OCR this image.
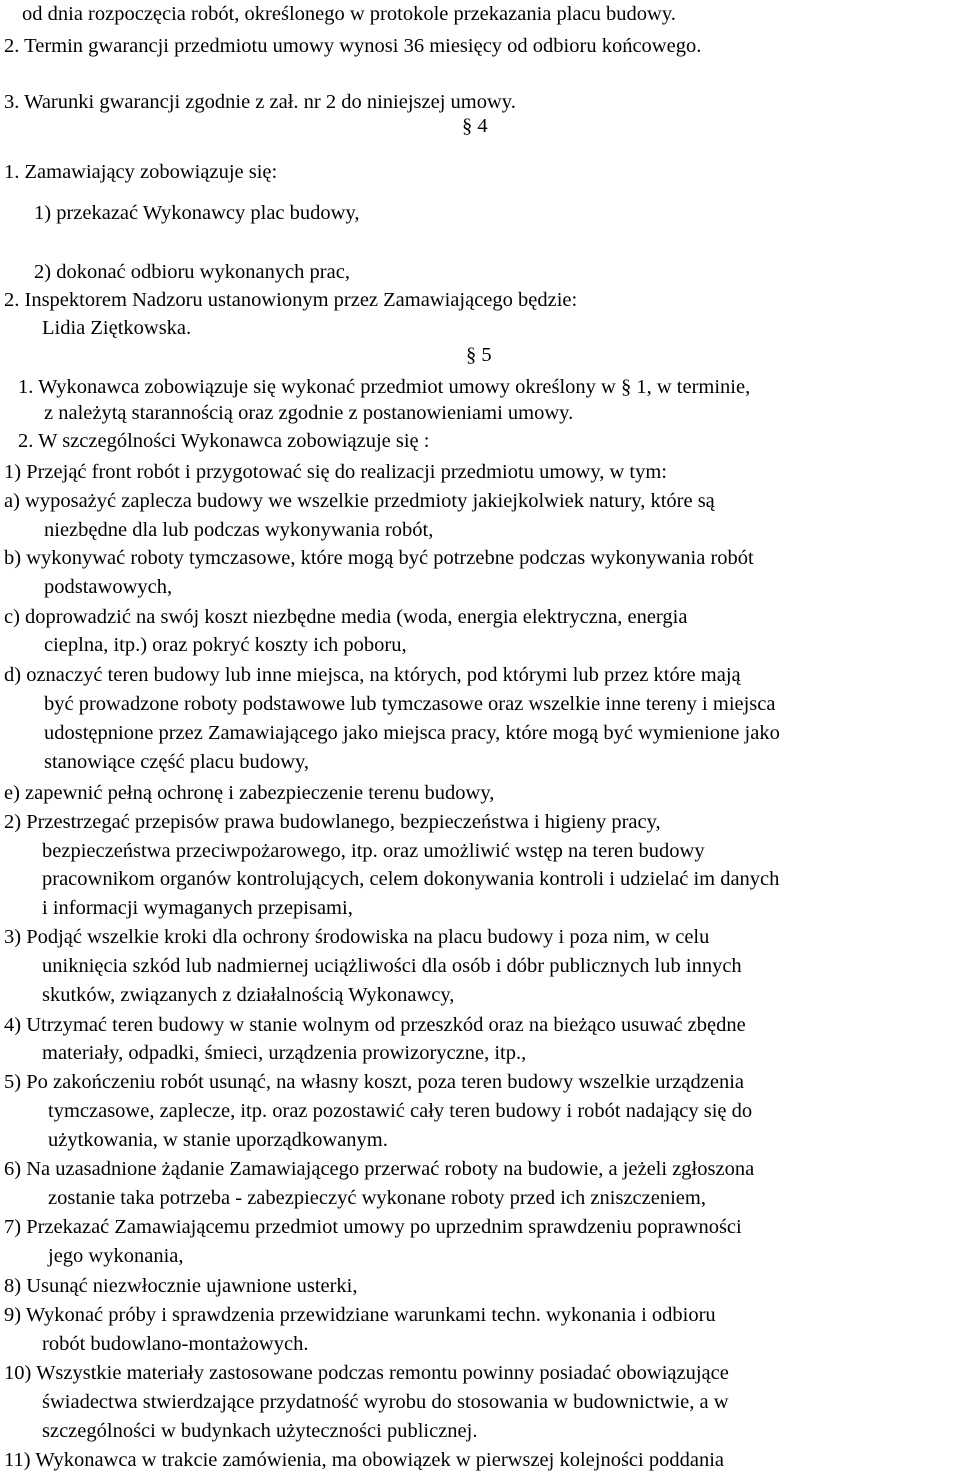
od dnia rozpoczęcia robót, określonego w protokole przekazania placu budowy.
2. Termin gwarancji przedmiotu umowy wynosi 36 miesięcy od odbioru końcowego.
3. Warunki gwarancji zgodnie z zał. nr 2 do niniejszej umowy.
§ 4
1. Zamawiający zobowiązuje się:
1) przekazać Wykonawcy plac budowy,
2) dokonać odbioru wykonanych prac,
2. Inspektorem Nadzoru ustanowionym przez Zamawiającego będzie:
Lidia Ziętkowska.
§ 5
1. Wykonawca zobowiązuje się wykonać przedmiot umowy określony w § 1, w terminie,
z należytą starannością oraz zgodnie z postanowieniami umowy.
2. W szczególności Wykonawca zobowiązuje się :
1) Przejąć front robót i przygotować się do realizacji przedmiotu umowy, w tym:
a) wyposażyć zaplecza budowy we wszelkie przedmioty jakiejkolwiek natury, które są
niezbędne dla lub podczas wykonywania robót,
b) wykonywać roboty tymczasowe, które mogą być potrzebne podczas wykonywania robót
podstawowych,
c) doprowadzić na swój koszt niezbędne media (woda, energia elektryczna, energia
cieplna, itp.) oraz pokryć koszty ich poboru,
d) oznaczyć teren budowy lub inne miejsca, na których, pod którymi lub przez które mają
być prowadzone roboty podstawowe lub tymczasowe oraz wszelkie inne tereny i miejsca
udostępnione przez Zamawiającego jako miejsca pracy, które mogą być wymienione jako
stanowiące część placu budowy,
e) zapewnić pełną ochronę i zabezpieczenie terenu budowy,
2) Przestrzegać przepisów prawa budowlanego, bezpieczeństwa i higieny pracy,
bezpieczeństwa przeciwpożarowego, itp. oraz umożliwić wstęp na teren budowy
pracownikom organów kontrolujących, celem dokonywania kontroli i udzielać im danych
i informacji wymaganych przepisami,
3) Podjąć wszelkie kroki dla ochrony środowiska na placu budowy i poza nim, w celu
uniknięcia szkód lub nadmiernej uciążliwości dla osób i dóbr publicznych lub innych
skutków, związanych z działalnością Wykonawcy,
4) Utrzymać teren budowy w stanie wolnym od przeszkód oraz na bieżąco usuwać zbędne
materiały, odpadki, śmieci, urządzenia prowizoryczne, itp.,
5) Po zakończeniu robót usunąć, na własny koszt, poza teren budowy wszelkie urządzenia
tymczasowe, zaplecze, itp. oraz pozostawić cały teren budowy i robót nadający się do
użytkowania, w stanie uporządkowanym.
6) Na uzasadnione żądanie Zamawiającego przerwać roboty na budowie, a jeżeli zgłoszona
zostanie taka potrzeba - zabezpieczyć wykonane roboty przed ich zniszczeniem,
7) Przekazać Zamawiającemu przedmiot umowy po uprzednim sprawdzeniu poprawności
jego wykonania,
8) Usunąć niezwłocznie ujawnione usterki,
9) Wykonać próby i sprawdzenia przewidziane warunkami techn. wykonania i odbioru
robót budowlano-montażowych.
10) Wszystkie materiały zastosowane podczas remontu powinny posiadać obowiązujące
świadectwa stwierdzające przydatność wyrobu do stosowania w budownictwie, a w
szczególności w budynkach użyteczności publicznej.
11) Wykonawca w trakcie zamówienia, ma obowiązek w pierwszej kolejności poddania
